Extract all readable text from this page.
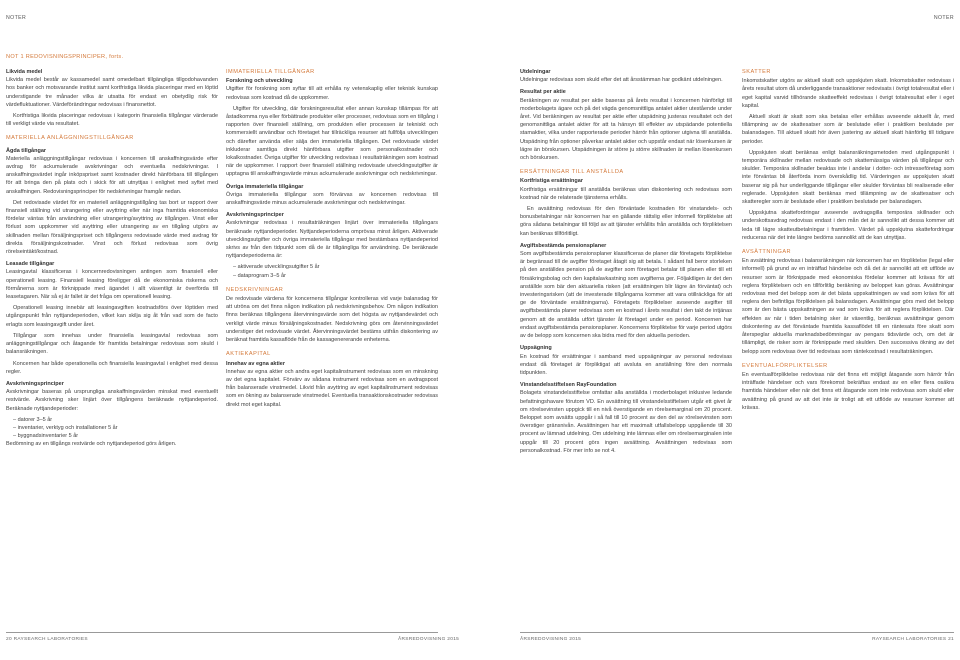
NOTER	NOTER
NOT 1 REDOVISNINGSPRINCIPER, forts.

Likvida medel

Likvida medel består av kassamedel samt omedelbart tillgängliga tillgodohavanden hos banker och motsvarande institut samt kortfristiga likvida placeringar med en löptid understigande tre månader vilka är utsatta för endast en obetydlig risk för värdefluktuationer. Värdeförändringar redovisas i finansnettot.

Kortfristiga likvida placeringar redovisas i kategorin finansiella tillgångar värderade till verkligt värde via resultatet.

MATERIELLA ANLÄGGNINGSTILLGÅNGAR

Ägda tillgångar

Materiella anläggningstillgångar redovisas i koncernen till anskaffningsvärde efter avdrag för ackumulerade avskrivningar och eventuella nedskrivningar. I anskaffningsvärdet ingår inköpspriset samt kostnader direkt hänförbara till tillgången för att bringa den på plats och i skick för att utnyttjas i enlighet med syftet med anskaffningen. Redovisningsprinciper för nedskrivningar framgår nedan.

Det redovisade värdet för en materiell anläggningstillgång tas bort ur rapport över finansiell ställning vid utrangering eller avyttring eller när inga framtida ekonomiska fördelar väntas från användning eller utrangering/avyttring av tillgången. Vinst eller förlust som uppkommer vid avyttring eller utrangering av en tillgång utgörs av skillnaden mellan försäljningspriset och tillgångens redovisade värde med avdrag för direkta försäljningskostnader. Vinst och förlust redovisas som övrig rörelseintäkt/kostnad.

Leasade tillgångar

Leasingavtal klassificeras i koncernredovisningen antingen som finansiell eller operationell leasing. Finansiell leasing föreligger då de ekonomiska riskerna och förmånerna som är förknippade med ägandet i allt väsentligt är överförda till leasetagaren. När så ej är fallet är det fråga om operationell leasing.

Operationell leasing innebär att leasingavgiften kostnadsförs över löptiden med utgångspunkt från nyttjandeperioden, vilket kan skilja sig åt från vad som de facto erlagts som leasingavgift under året.

Tillgångar som innehas under finansiella leasingavtal redovisas som anläggningstillgångar och åtagande för framtida betalningar redovisas som skuld i balansräkningen.

Koncernen har både operationella och finansiella leasingavtal i enlighet med dessa regler.

Avskrivningsprinciper

Avskrivningar baseras på ursprungliga anskaffningsvärden minskat med eventuellt restvärde. Avskrivning sker linjärt över tillgångens beräknade nyttjandeperiod. Beräknade nyttjandeperioder:

– datorer 3–5 år

– inventarier, verktyg och installationer 5 år

– byggnadsinventarier 5 år

Bedömning av en tillgångs restvärde och nyttjandeperiod görs årligen.

IMMATERIELLA TILLGÅNGAR

Forskning och utveckling

Utgifter för forskning som syftar till att erhålla ny vetenskaplig eller teknisk kunskap redovisas som kostnad då de uppkommer.

Utgifter för utveckling, där forskningsresultat eller annan kunskap tillämpas för att åstadkomma nya eller förbättrade produkter eller processer, redovisas som en tillgång i rapporten över finansiell ställning, om produkten eller processen är tekniskt och kommersiellt användbar och företaget har tillräckliga resurser att fullfölja utvecklingen och därefter använda eller sälja den immateriella tillgången. Det redovisade värdet inkluderar samtliga direkt hänförbara utgifter som personalkostnader och lokalkostnader. Övriga utgifter för utveckling redovisas i resultaträkningen som kostnad när de uppkommer. I rapport över finansiell ställning redovisade utvecklingsutgifter är upptagna till anskaffningsvärde minus ackumulerade avskrivningar och nedskrivningar.

Övriga immateriella tillgångar

Övriga immateriella tillgångar som förvärvas av koncernen redovisas till anskaffningsvärde minus ackumulerade avskrivningar och nedskrivningar.

Avskrivningsprinciper

Avskrivningar redovisas i resultaträkningen linjärt över immateriella tillgångars beräknade nyttjandeperioder. Nyttjandeperioderna omprövas minst årligen. Aktiverade utvecklingsutgifter och övriga immateriella tillgångar med bestämbara nyttjandeperiod skrivs av från den tidpunkt som då de är tillgängliga för användning. De beräknade nyttjandeperioderna är:

– aktiverade utvecklingsutgifter 5 år

– dataprogram 3–5 år

NEDSKRIVNINGAR

De redovisade värdena för koncernens tillgångar kontrolleras vid varje balansdag för att utröna om det finns någon indikation på nedskrivningsbehov. Om någon indikation finns beräknas tillgångens återvinningsvärde som det högsta av nyttjandevärdet och verkligt värde minus försäljningskostnader. Nedskrivning görs om återvinningsvärdet understiger det redovisade värdet. Återvinningsvärdet bestäms utifrån diskontering av beräknat framtida kassaflöde från de kassagenererande enheterna.

AKTIEKAPITAL

Innehav av egna aktier

Innehav av egna aktier och andra eget kapitalinstrument redovisas som en minskning av det egna kapitalet. Förvärv av sådana instrument redovisas som en avdragspost från balanserade vinstmedel. Likvid från avyttring av eget kapitalinstrument redovisas som en ökning av balanserade vinstmedel. Eventuella transaktionskostnader redovisas direkt mot eget kapital.

Utdelningar

Utdelningar redovisas som skuld efter det att årsstämman har godkänt utdelningen.

Resultat per aktie

Beräkningen av resultat per aktie baseras på årets resultat i koncernen hänförligt till moderbolagets ägare och på det vägda genomsnittliga antalet aktier utestående under året. Vid beräkningen av resultat per aktie efter utspädning justeras resultatet och det genomsnittliga antalet aktier för att ta hänsyn till effekter av utspädande potentiella stamaktier, vilka under rapporterade perioder härrör från optioner utgivna till anställda. Utspädning från optioner påverkar antalet aktier och uppstår endast när lösenkursen är lägre än börskursen. Utspädningen är större ju större skillnaden är mellan lösenkursen och börskursen.

ERSÄTTNINGAR TILL ANSTÄLLDA

Kortfristiga ersättningar

Kortfristiga ersättningar till anställda beräknas utan diskontering och redovisas som kostnad när de relaterade tjänsterna erhålls.

En avsättning redovisas för den förväntade kostnaden för vinstandels- och bonusbetalningar när koncernen har en gällande rättslig eller informell förpliktelse att göra sådana betalningar till följd av att tjänster erhållits från anställda och förpliktelsen kan beräknas tillförlitligt.

Avgiftsbestämda pensionsplaner

Som avgiftsbestämda pensionsplaner klassificeras de planer där företagets förpliktelse är begränsad till de avgifter företaget åtagit sig att betala. I sådant fall beror storleken på den anställdes pension på de avgifter som företaget betalar till planen eller till ett försäkringsbolag och den kapitalavkastning som avgifterna ger. Följaktligen är det den anställde som bär den aktuariella risken (att ersättningen blir lägre än förväntat) och investeringsrisken (att de investerade tillgångarna kommer att vara otillräckliga för att ge de förväntade ersättningarna). Företagets förpliktelser avseende avgifter till avgiftsbestämda planer redovisas som en kostnad i årets resultat i den takt de intjänas genom att de anställda utfört tjänster åt företaget under en period. Koncernen har endast avgiftsbestämda pensionsplaner. Koncernens förpliktelse för varje period utgörs av de belopp som koncernen ska bidra med för den aktuella perioden.

Uppsägning

En kostnad för ersättningar i samband med uppsägningar av personal redovisas endast då företaget är förpliktigat att avsluta en anställning före den normala tidpunkten.

Vinstandelsstiftelsen RayFoundation

Bolagets vinstandelsstiftelse omfattar alla anställda i moderbolaget inklusive ledande befattningshavare förutom VD. En avsättning till vinstandelsstiftelsen utgår ett givet år om rörelsevinsten uppgick till en nivå överstigande en rörelsemarginal om 20 procent. Beloppet som avsätts uppgår i så fall till 10 procent av den del av rörelsevinsten som överstiger gränsnivån. Avsättningen har ett maximalt utfallsbelopp uppgående till 30 procent av lämnad utdelning. Om utdelning inte lämnas eller om rörelsemarginalen inte uppgår till 20 procent görs ingen avsättning. Avsättningen redovisas som personalkostnad. För mer info se not 4.

SKATTER

Inkomstskatter utgörs av aktuell skatt och uppskjuten skatt. Inkomstskatter redovisas i årets resultat utom då underliggande transaktioner redovisats i övrigt totalresultat eller i eget kapital varvid tillhörande skatteeffekt redovisas i övrigt totalresultat eller i eget kapital.

Aktuell skatt är skatt som ska betalas eller erhållas avseende aktuellt år, med tillämpning av de skattesatser som är beslutade eller i praktiken beslutade per balansdagen. Till aktuell skatt hör även justering av aktuell skatt hänförlig till tidigare perioder.

Uppskjuten skatt beräknas enligt balansräkningsmetoden med utgångspunkt i temporära skillnader mellan redovisade och skattemässiga värden på tillgångar och skulder. Temporära skillnader beaktas inte i andelar i dotter- och intresseföretag som inte förväntas bli återförda inom överskådlig tid. Värderingen av uppskjuten skatt baserar sig på hur underliggande tillgångar eller skulder förväntas bli realiserade eller reglerade. Uppskjuten skatt beräknas med tillämpning av de skattesatser och skatteregler som är beslutade eller i praktiken beslutade per balansdagen.

Uppskjutna skattefordringar avseende avdragsgilla temporära skillnader och underskottsavdrag redovisas endast i den mån det är sannolikt att dessa kommer att leda till lägre skatteutbetalningar i framtiden. Värdet på uppskjutna skattefordringar reduceras när det inte längre bedöms sannolikt att de kan utnyttjas.

AVSÄTTNINGAR

En avsättning redovisas i balansräkningen när koncernen har en förpliktelse (legal eller informell) på grund av en inträffad händelse och då det är sannolikt att ett utflöde av resurser som är förknippade med ekonomiska fördelar kommer att krävas för att reglera förpliktelsen och en tillförlitlig beräkning av beloppet kan göras. Avsättningar redovisas med det belopp som är det bästa uppskattningen av vad som krävs för att reglera den befintliga förpliktelsen på balansdagen. Avsättningar görs med det belopp som är den bästa uppskattningen av vad som krävs för att reglera förpliktelsen. Där effekten av när i tiden betalning sker är väsentlig, beräknas avsättningar genom diskontering av det förväntade framtida kassaflödet till en räntesats före skatt som återspeglar aktuella marknadsbedömningar av pengars tidsvärde och, om det är tillämpligt, de risker som är förknippade med skulden. Den successiva ökning av det belopp som redovisas över tid redovisas som räntekostnad i resultaträkningen.

EVENTUALFÖRPLIKTELSER

En eventualförpliktelse redovisas när det finns ett möjligt åtagande som härrör från inträffade händelser och vars förekomst bekräftas endast av en eller flera osäkra framtida händelser eller när det finns ett åtagande som inte redovisas som skuld eller avsättning på grund av att det inte är troligt att ett utflöde av resurser kommer att krävas.

20 RAYSEARCH LABORATORIES	ÅRSREDOVISNING 2015	ÅRSREDOVISNING 2015	RAYSEARCH LABORATORIES 21
